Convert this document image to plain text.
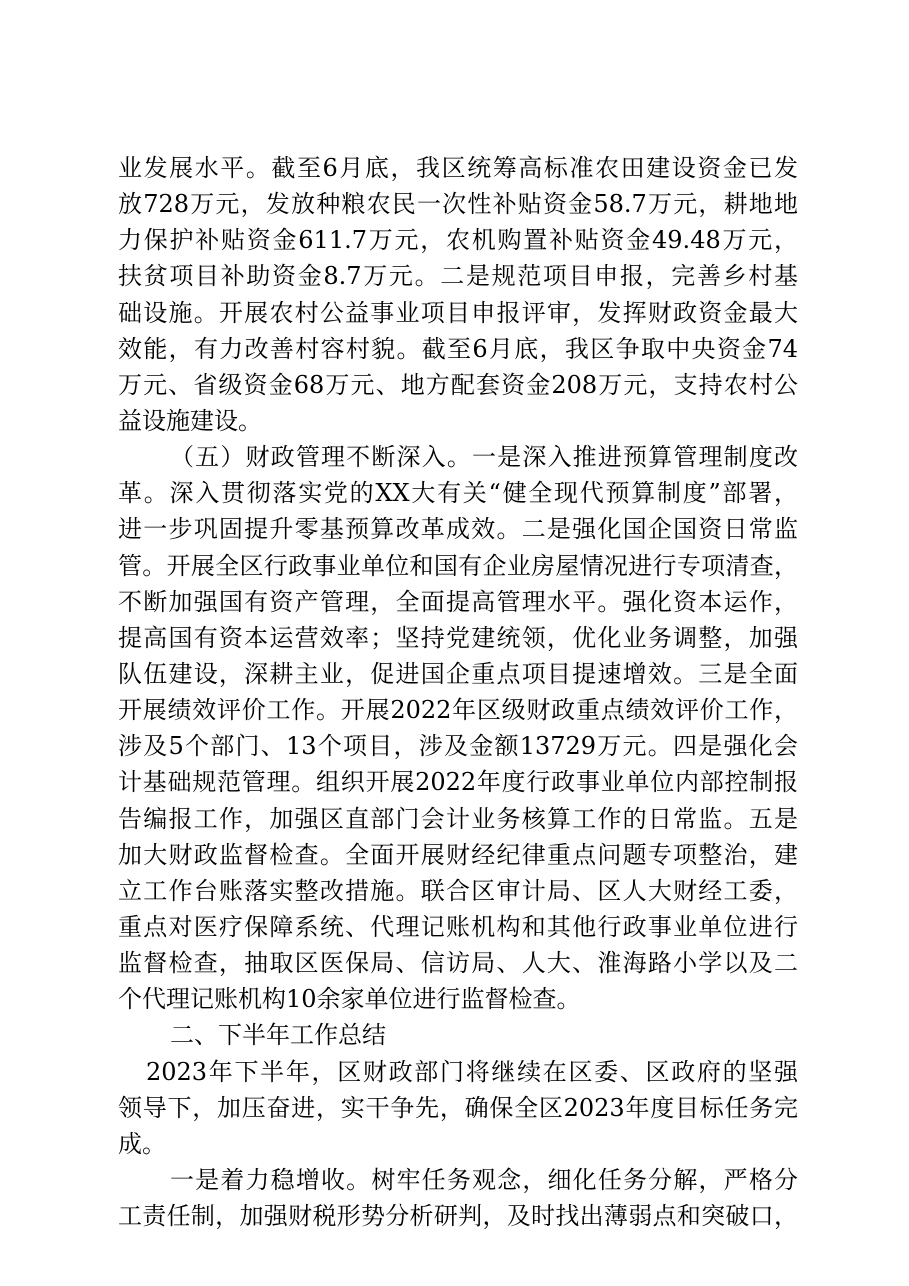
业发展水平。截至6月底，我区统筹高标准农田建设资金已发
放728万元，发放种粮农民一次性补贴资金58.7万元，耕地地
力保护补贴资金611.7万元，农机购置补贴资金49.48万元，
扶贫项目补助资金8.7万元。二是规范项目申报，完善乡村基
础设施。开展农村公益事业项目申报评审，发挥财政资金最大
效能，有力改善村容村貌。截至6月底，我区争取中央资金74
万元、省级资金68万元、地方配套资金208万元，支持农村公
益设施建设。
（五）财政管理不断深入。一是深入推进预算管理制度改
革。深入贯彻落实党的XX大有关“健全现代预算制度”部署，
进一步巩固提升零基预算改革成效。二是强化国企国资日常监
管。开展全区行政事业单位和国有企业房屋情况进行专项清查，
不断加强国有资产管理，全面提高管理水平。强化资本运作，
提高国有资本运营效率；坚持党建统领，优化业务调整，加强
队伍建设，深耕主业，促进国企重点项目提速增效。三是全面
开展绩效评价工作。开展2022年区级财政重点绩效评价工作，
涉及5个部门、13个项目，涉及金额13729万元。四是强化会
计基础规范管理。组织开展2022年度行政事业单位内部控制报
告编报工作，加强区直部门会计业务核算工作的日常监。五是
加大财政监督检查。全面开展财经纪律重点问题专项整治，建
立工作台账落实整改措施。联合区审计局、区人大财经工委，
重点对医疗保障系统、代理记账机构和其他行政事业单位进行
监督检查，抽取区医保局、信访局、人大、淮海路小学以及二
个代理记账机构10余家单位进行监督检查。
二、下半年工作总结
2023年下半年，区财政部门将继续在区委、区政府的坚强
领导下，加压奋进，实干争先，确保全区2023年度目标任务完
成。
一是着力稳增收。树牢任务观念，细化任务分解，严格分
工责任制，加强财税形势分析研判，及时找出薄弱点和突破口，
